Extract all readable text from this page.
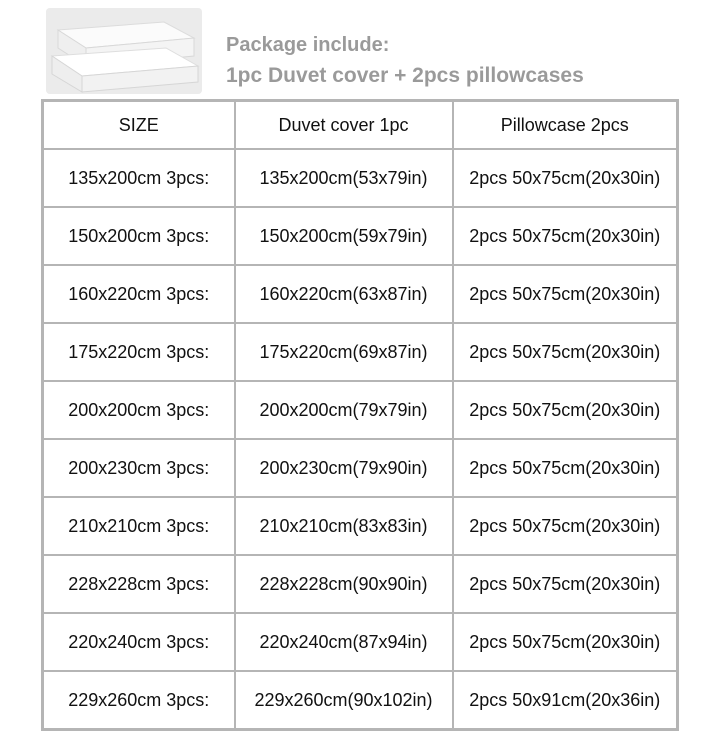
Package include:
1pc Duvet cover + 2pcs pillowcases
SIZE	Duvet cover 1pc	Pillowcase 2pcs
135x200cm 3pcs:	135x200cm(53x79in)	2pcs 50x75cm(20x30in)
150x200cm 3pcs:	150x200cm(59x79in)	2pcs 50x75cm(20x30in)
160x220cm 3pcs:	160x220cm(63x87in)	2pcs 50x75cm(20x30in)
175x220cm 3pcs:	175x220cm(69x87in)	2pcs 50x75cm(20x30in)
200x200cm 3pcs:	200x200cm(79x79in)	2pcs 50x75cm(20x30in)
200x230cm 3pcs:	200x230cm(79x90in)	2pcs 50x75cm(20x30in)
210x210cm 3pcs:	210x210cm(83x83in)	2pcs 50x75cm(20x30in)
228x228cm 3pcs:	228x228cm(90x90in)	2pcs 50x75cm(20x30in)
220x240cm 3pcs:	220x240cm(87x94in)	2pcs 50x75cm(20x30in)
229x260cm 3pcs:	229x260cm(90x102in)	2pcs 50x91cm(20x36in)
